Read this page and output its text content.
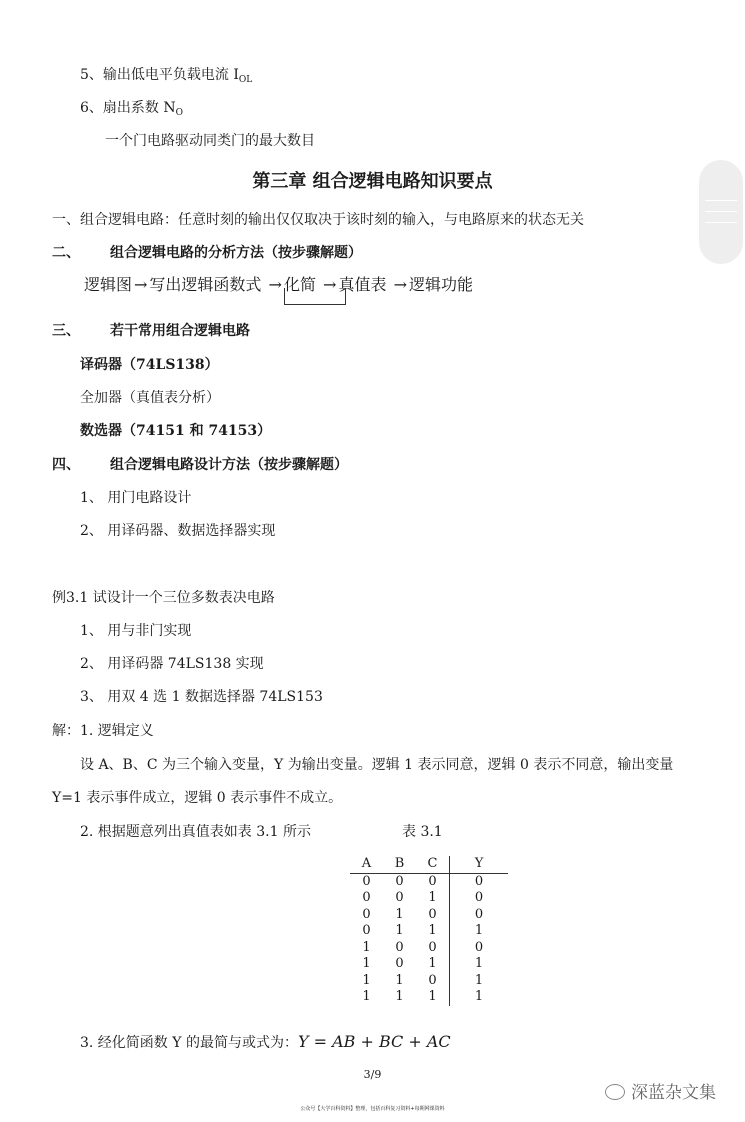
5、输出低电平负载电流 $I_{OL}$
6、扇出系数 $N_O$
一个门电路驱动同类门的最大数目
第三章 组合逻辑电路知识要点
一、组合逻辑电路：任意时刻的输出仅仅取决于该时刻的输入，与电路原来的状态无关
二、 组合逻辑电路的分析方法（按步骤解题）
逻辑图 → 写出逻辑函数式 → 化简 → 真值表 → 逻辑功能
三、 若干常用组合逻辑电路
译码器（74LS138）
全加器（真值表分析）
数选器（74151 和 74153）
四、 组合逻辑电路设计方法（按步骤解题）
1、 用门电路设计
2、 用译码器、数据选择器实现
例3.1 试设计一个三位多数表决电路
1、 用与非门实现
2、 用译码器 74LS138 实现
3、 用双 4 选 1 数据选择器 74LS153
解：1. 逻辑定义
设 A、B、C 为三个输入变量，Y 为输出变量。逻辑 1 表示同意，逻辑 0 表示不同意，输出变量
Y=1 表示事件成立，逻辑 0 表示事件不成立。
2. 根据题意列出真值表如表 3.1 所示	表 3.1
A	B	C	Y
0	0	0	0
0	0	1	0
0	1	0	0
0	1	1	1
1	0	0	0
1	0	1	1
1	1	0	1
1	1	1	1
3. 经化简函数 Y 的最简与或式为：Y = AB + BC + AC
3/9
公众号【大学百科资料】整理，包括百科复习资料+每期网课资料
深蓝杂文集
